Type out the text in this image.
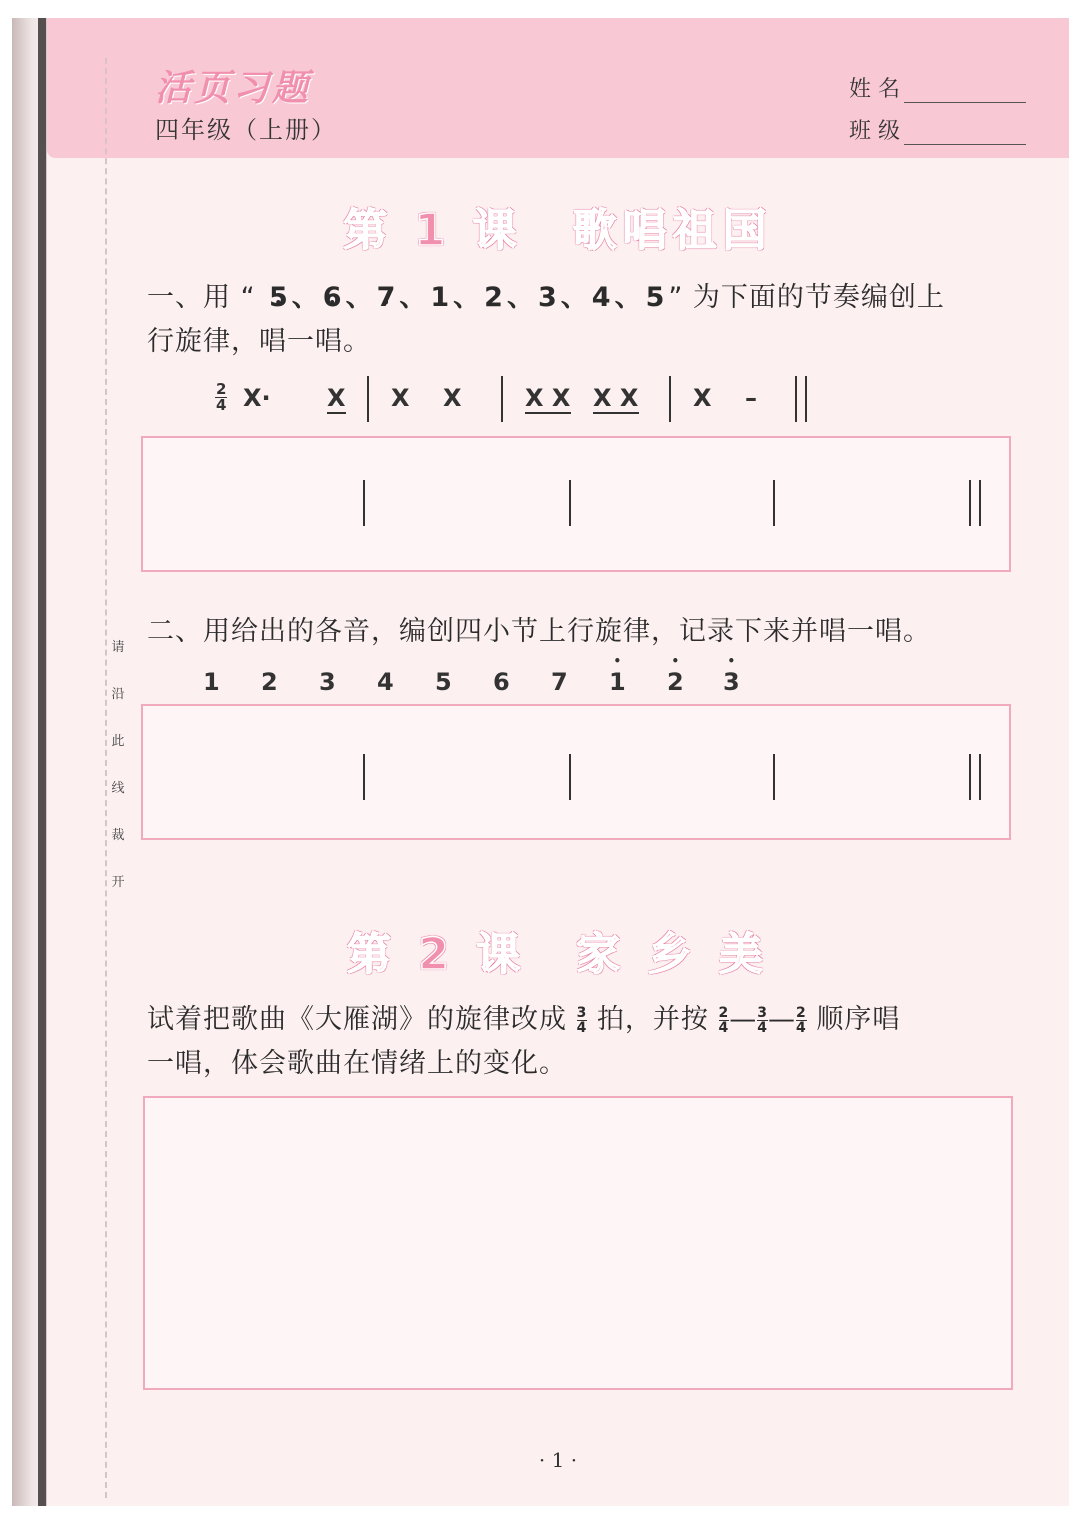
请
沿
此
线
裁
开
活页习题
四年级（上册）
姓 名
班 级
第 1 课　歌唱祖国
一、用 “ 5 •、6 •、7 •、1、2、3、4、5” 为下面的节奏编创上
行旋律，唱一唱。
$\frac{2}{4} X\cdot X$ X X	X X X X X –
二、用给出的各音，编创四小节上行旋律，记录下来并唱一唱。
1 2 3 4 5 6 7 • 1 • 2 • 3
第 2 课　家 乡 美
试着把歌曲《大雁湖》的旋律改成 $\frac{3}{4}$ 拍，并按 $\frac{2}{4}—$ $\frac{3}{4}— \frac{2}{4}$ 顺序唱
一唱，体会歌曲在情绪上的变化。
· 1 ·
